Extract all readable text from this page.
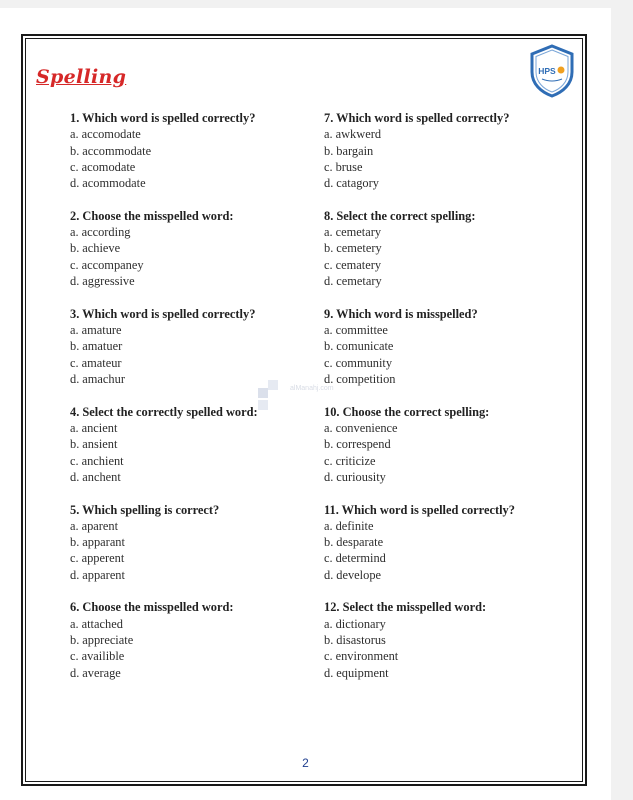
Spelling	HPS
alManahj.com
1. Which word is spelled correctly?
a. accomodate
b. accommodate
c. acomodate
d. acommodate
2. Choose the misspelled word:
a. according
b. achieve
c. accompaney
d. aggressive
3. Which word is spelled correctly?
a. amature
b. amatuer
c. amateur
d. amachur
4. Select the correctly spelled word:
a. ancient
b. ansient
c. anchient
d. anchent
5. Which spelling is correct?
a. aparent
b. apparant
c. apperent
d. apparent
6. Choose the misspelled word:
a. attached
b. appreciate
c. availible
d. average
7. Which word is spelled correctly?
a. awkwerd
b. bargain
c. bruse
d. catagory
8. Select the correct spelling:
a. cemetary
b. cemetery
c. cematery
d. cemetary
9. Which word is misspelled?
a. committee
b. comunicate
c. community
d. competition
10. Choose the correct spelling:
a. convenience
b. correspend
c. criticize
d. curiousity
11. Which word is spelled correctly?
a. definite
b. desparate
c. determind
d. develope
12. Select the misspelled word:
a. dictionary
b. disastorus
c. environment
d. equipment
2
